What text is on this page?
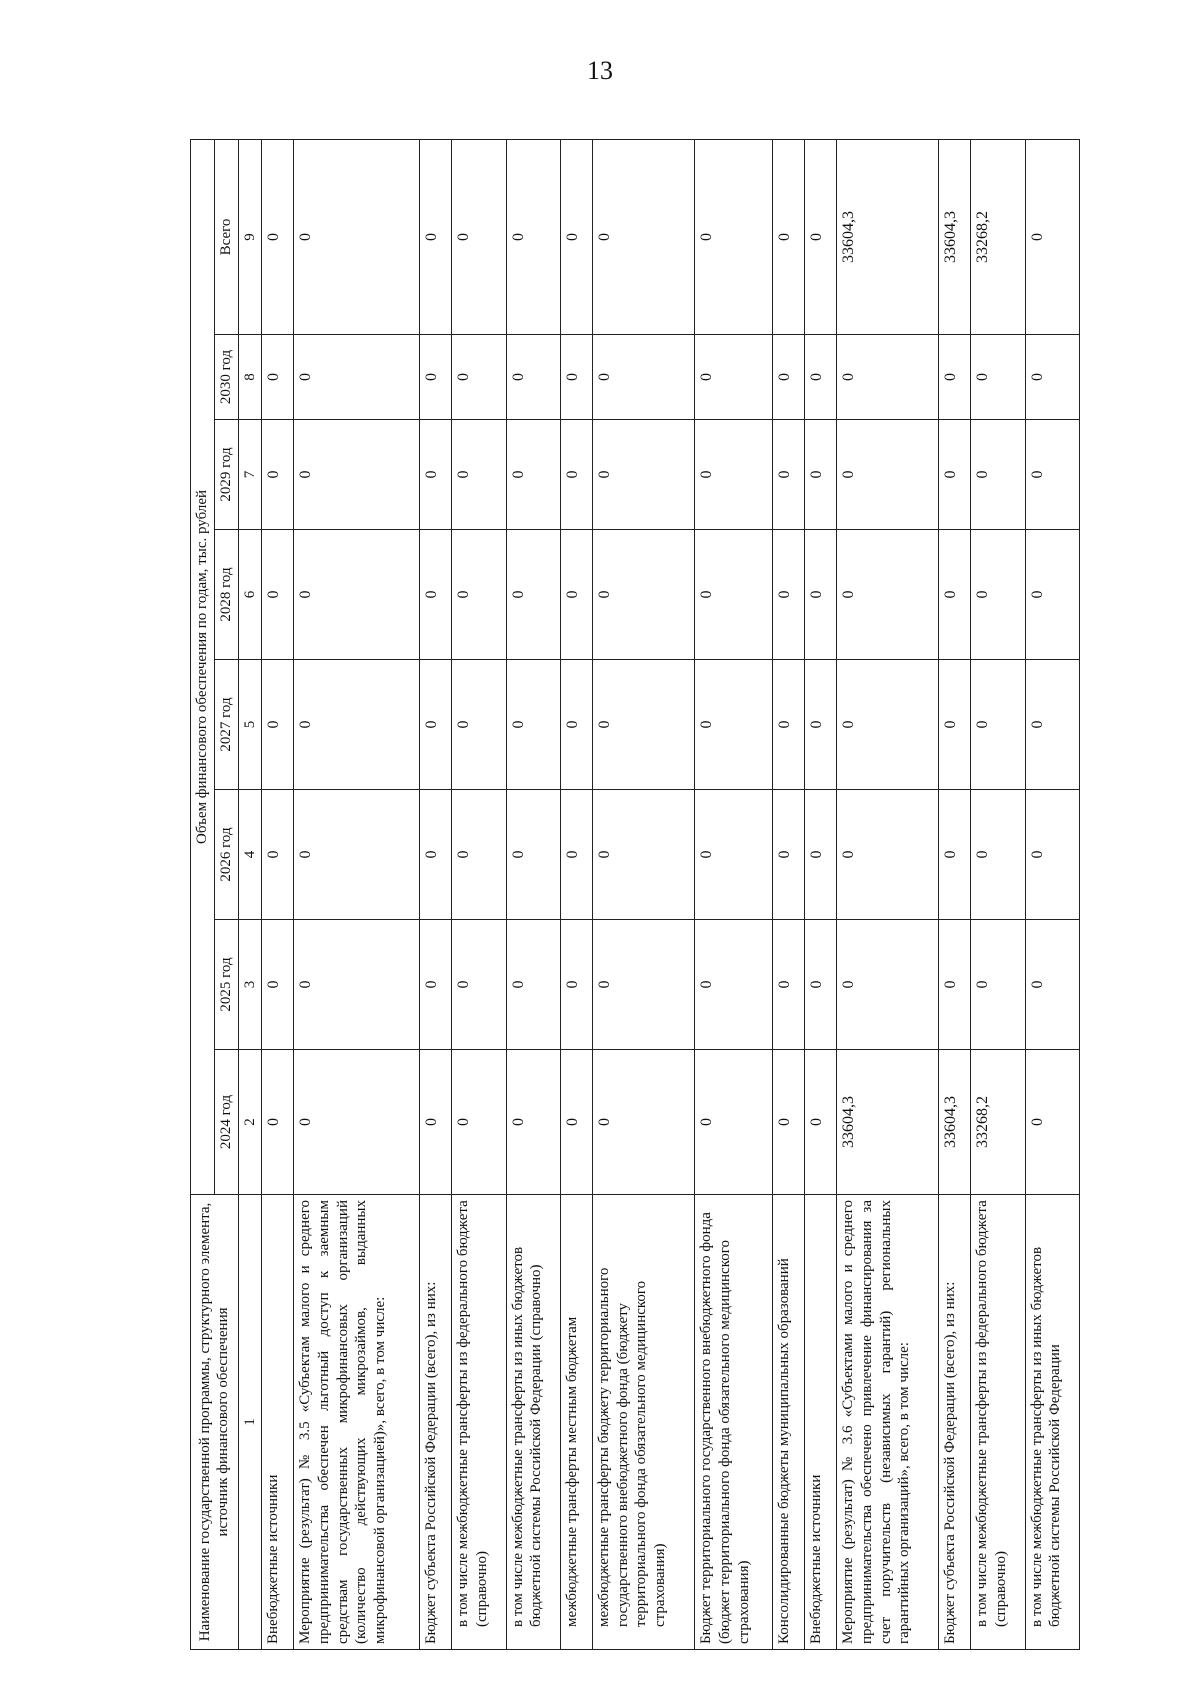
13
Наименование государственной программы, структурного элемента, источник финансового обеспечения	Объем финансового обеспечения по годам, тыс. рублей							
	2024 год	2025 год	2026 год	2027 год	2028 год	2029 год	2030 год	Всего
1	2	3	4	5	6	7	8	9
Внебюджетные источники	0	0	0	0	0	0	0	0
Мероприятие (результат) № 3.5 «Субъектам малого и среднего предпринимательства обеспечен льготный доступ к заемным средствам государственных микрофинансовых организаций (количество действующих микрозаймов, выданных микрофинансовой организацией)», всего, в том числе:	0	0	0	0	0	0	0	0
Бюджет субъекта Российской Федерации (всего), из них:	0	0	0	0	0	0	0	0
в том числе межбюджетные трансферты из федерального бюджета (справочно)	0	0	0	0	0	0	0	0
в том числе межбюджетные трансферты из иных бюджетов бюджетной системы Российской Федерации (справочно)	0	0	0	0	0	0	0	0
межбюджетные трансферты местным бюджетам	0	0	0	0	0	0	0	0
межбюджетные трансферты бюджету территориального государственного внебюджетного фонда (бюджету территориального фонда обязательного медицинского страхования)	0	0	0	0	0	0	0	0
Бюджет территориального государственного внебюджетного фонда (бюджет территориального фонда обязательного медицинского страхования)	0	0	0	0	0	0	0	0
Консолидированные бюджеты муниципальных образований	0	0	0	0	0	0	0	0
Внебюджетные источники	0	0	0	0	0	0	0	0
Мероприятие (результат) № 3.6 «Субъектами малого и среднего предпринимательства обеспечено привлечение финансирования за счет поручительств (независимых гарантий) региональных гарантийных организаций», всего, в том числе:	33604,3	0	0	0	0	0	0	33604,3
Бюджет субъекта Российской Федерации (всего), из них:	33604,3	0	0	0	0	0	0	33604,3
в том числе межбюджетные трансферты из федерального бюджета (справочно)	33268,2	0	0	0	0	0	0	33268,2
в том числе межбюджетные трансферты из иных бюджетов бюджетной системы Российской Федерации	0	0	0	0	0	0	0	0
